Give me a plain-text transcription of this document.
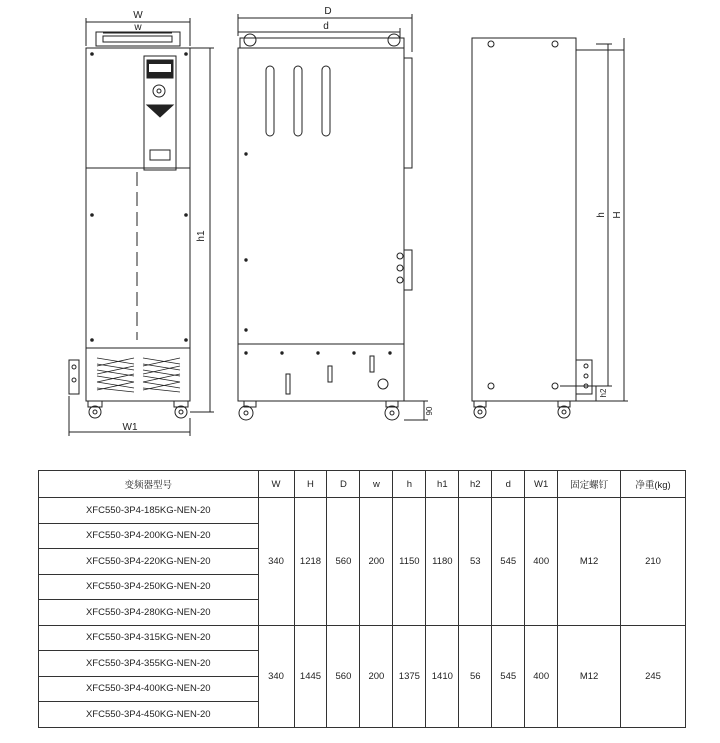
W
w
h1
W1
D
d
90
h H
h2
变频器型号	W	H	D	w	h	h1	h2	d	W1	固定螺钉	净重(kg)
XFC550-3P4-185KG-NEN-20	340	1218	560	200	1150	1180	53	545	400	M12	210
XFC550-3P4-200KG-NEN-20											
XFC550-3P4-220KG-NEN-20											
XFC550-3P4-250KG-NEN-20											
XFC550-3P4-280KG-NEN-20											
XFC550-3P4-315KG-NEN-20	340	1445	560	200	1375	1410	56	545	400	M12	245
XFC550-3P4-355KG-NEN-20											
XFC550-3P4-400KG-NEN-20											
XFC550-3P4-450KG-NEN-20											
